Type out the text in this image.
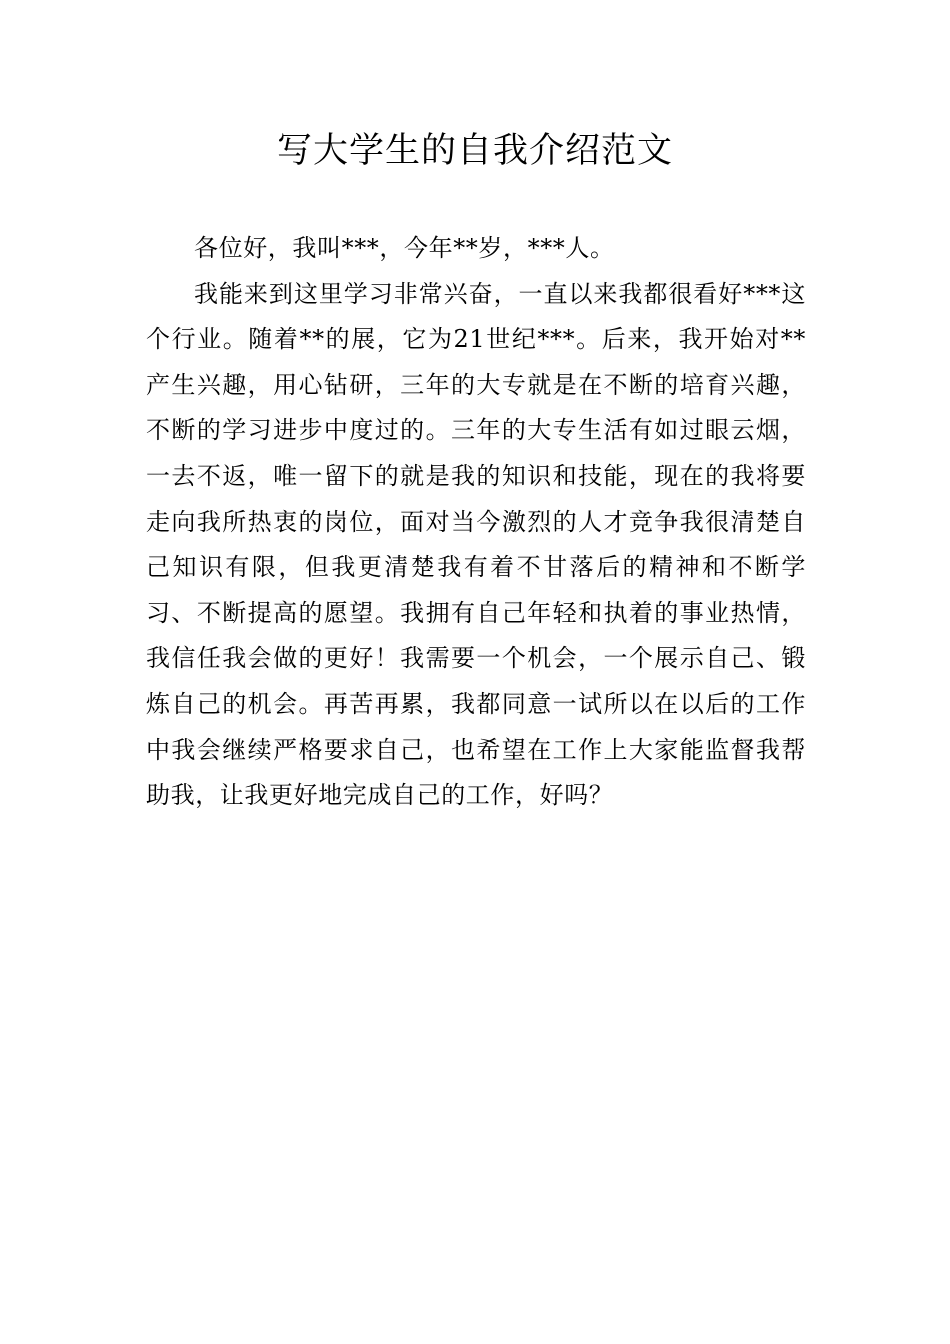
写大学生的自我介绍范文

各位好，我叫***，今年**岁，***人。

我能来到这里学习非常兴奋，一直以来我都很看好***这个行业。随着**的展，它为21世纪***。后来，我开始对**产生兴趣，用心钻研，三年的大专就是在不断的培育兴趣，不断的学习进步中度过的。三年的大专生活有如过眼云烟，一去不返，唯一留下的就是我的知识和技能，现在的我将要走向我所热衷的岗位，面对当今激烈的人才竞争我很清楚自己知识有限，但我更清楚我有着不甘落后的精神和不断学习、不断提高的愿望。我拥有自己年轻和执着的事业热情，我信任我会做的更好！我需要一个机会，一个展示自己、锻炼自己的机会。再苦再累，我都同意一试所以在以后的工作中我会继续严格要求自己，也希望在工作上大家能监督我帮助我，让我更好地完成自己的工作，好吗？
